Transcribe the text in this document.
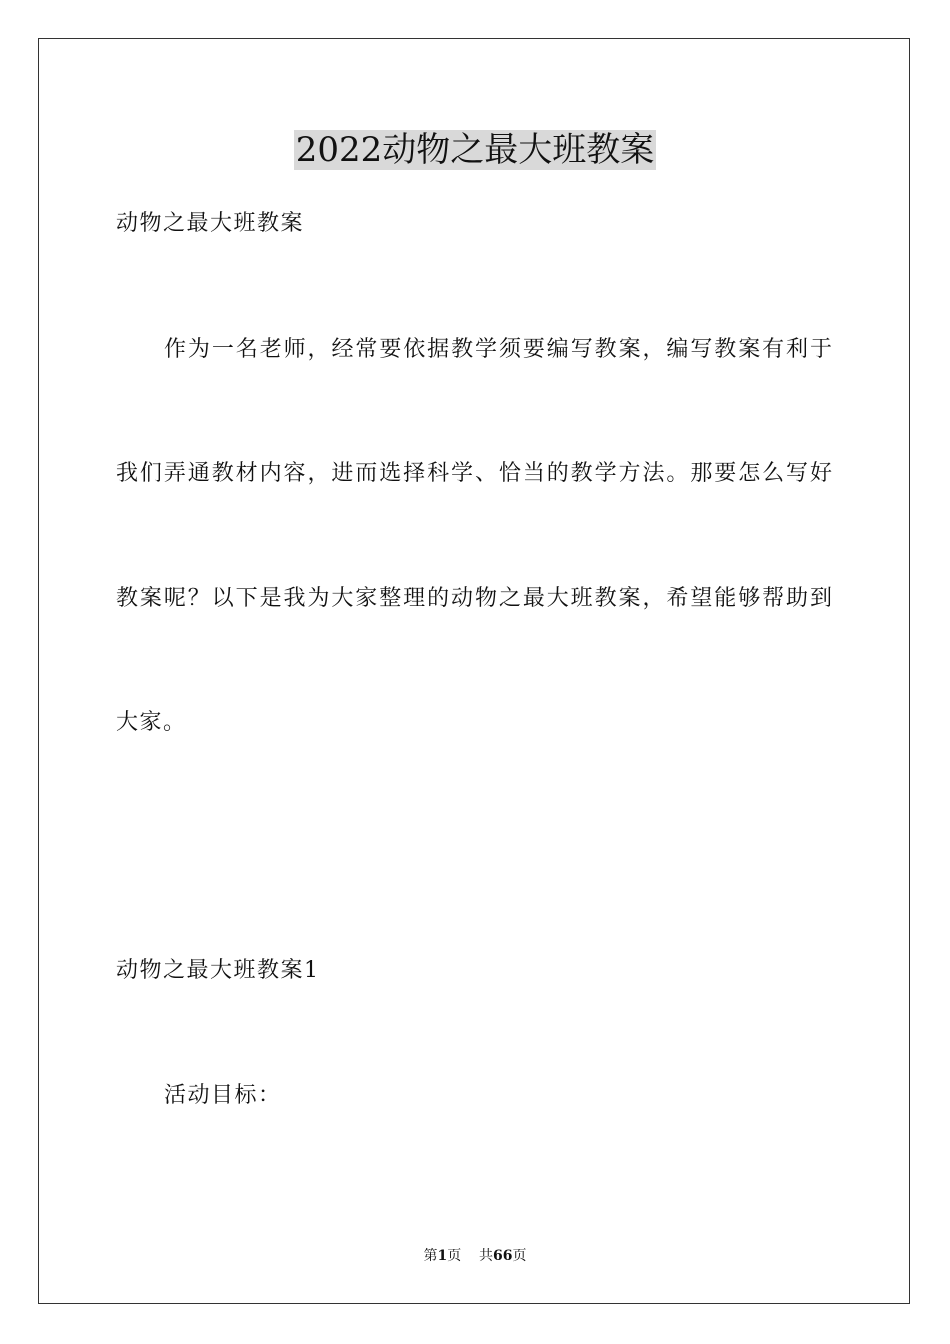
2022动物之最大班教案

动物之最大班教案

作为一名老师，经常要依据教学须要编写教案，编写教案有利于

我们弄通教材内容，进而选择科学、恰当的教学方法。那要怎么写好

教案呢？以下是我为大家整理的动物之最大班教案，希望能够帮助到

大家。

动物之最大班教案1

活动目标：

第1页 共66页
